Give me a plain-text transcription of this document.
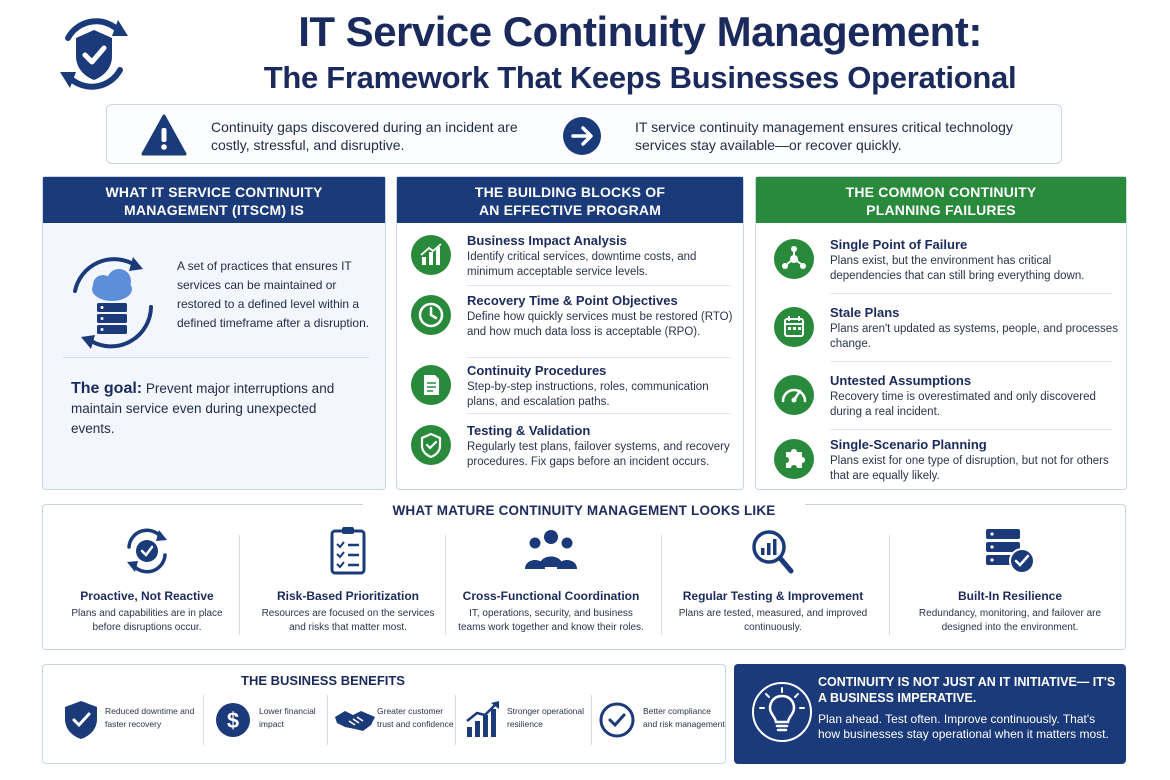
IT Service Continuity Management:
The Framework That Keeps Businesses Operational
Continuity gaps discovered during an incident are costly, stressful, and disruptive.
IT service continuity management ensures critical technology services stay available—or recover quickly.
WHAT IT SERVICE CONTINUITY
MANAGEMENT (ITSCM) IS
A set of practices that ensures IT services can be maintained or restored to a defined level within a defined timeframe after a disruption.
The goal: Prevent major interruptions and maintain service even during unexpected events.
THE BUILDING BLOCKS OF
AN EFFECTIVE PROGRAM
Business Impact Analysis
Identify critical services, downtime costs, and minimum acceptable service levels.
Recovery Time & Point Objectives
Define how quickly services must be restored (RTO) and how much data loss is acceptable (RPO).
Continuity Procedures
Step-by-step instructions, roles, communication plans, and escalation paths.
Testing & Validation
Regularly test plans, failover systems, and recovery procedures. Fix gaps before an incident occurs.
THE COMMON CONTINUITY
PLANNING FAILURES
Single Point of Failure
Plans exist, but the environment has critical dependencies that can still bring everything down.
Stale Plans
Plans aren't updated as systems, people, and processes change.
Untested Assumptions
Recovery time is overestimated and only discovered during a real incident.
Single-Scenario Planning
Plans exist for one type of disruption, but not for others that are equally likely.
WHAT MATURE CONTINUITY MANAGEMENT LOOKS LIKE
Proactive, Not Reactive
Plans and capabilities are in place before disruptions occur.
Risk-Based Prioritization
Resources are focused on the services and risks that matter most.
Cross-Functional Coordination
IT, operations, security, and business teams work together and know their roles.
Regular Testing & Improvement
Plans are tested, measured, and improved continuously.
Built-In Resilience
Redundancy, monitoring, and failover are designed into the environment.
THE BUSINESS BENEFITS
Reduced downtime and faster recovery	$ Lower financial impact
Greater customer trust and confidence
Stronger operational resilience
Better compliance and risk management
CONTINUITY IS NOT JUST AN IT INITIATIVE— IT'S A BUSINESS IMPERATIVE.
Plan ahead. Test often. Improve continuously. That's how businesses stay operational when it matters most.
